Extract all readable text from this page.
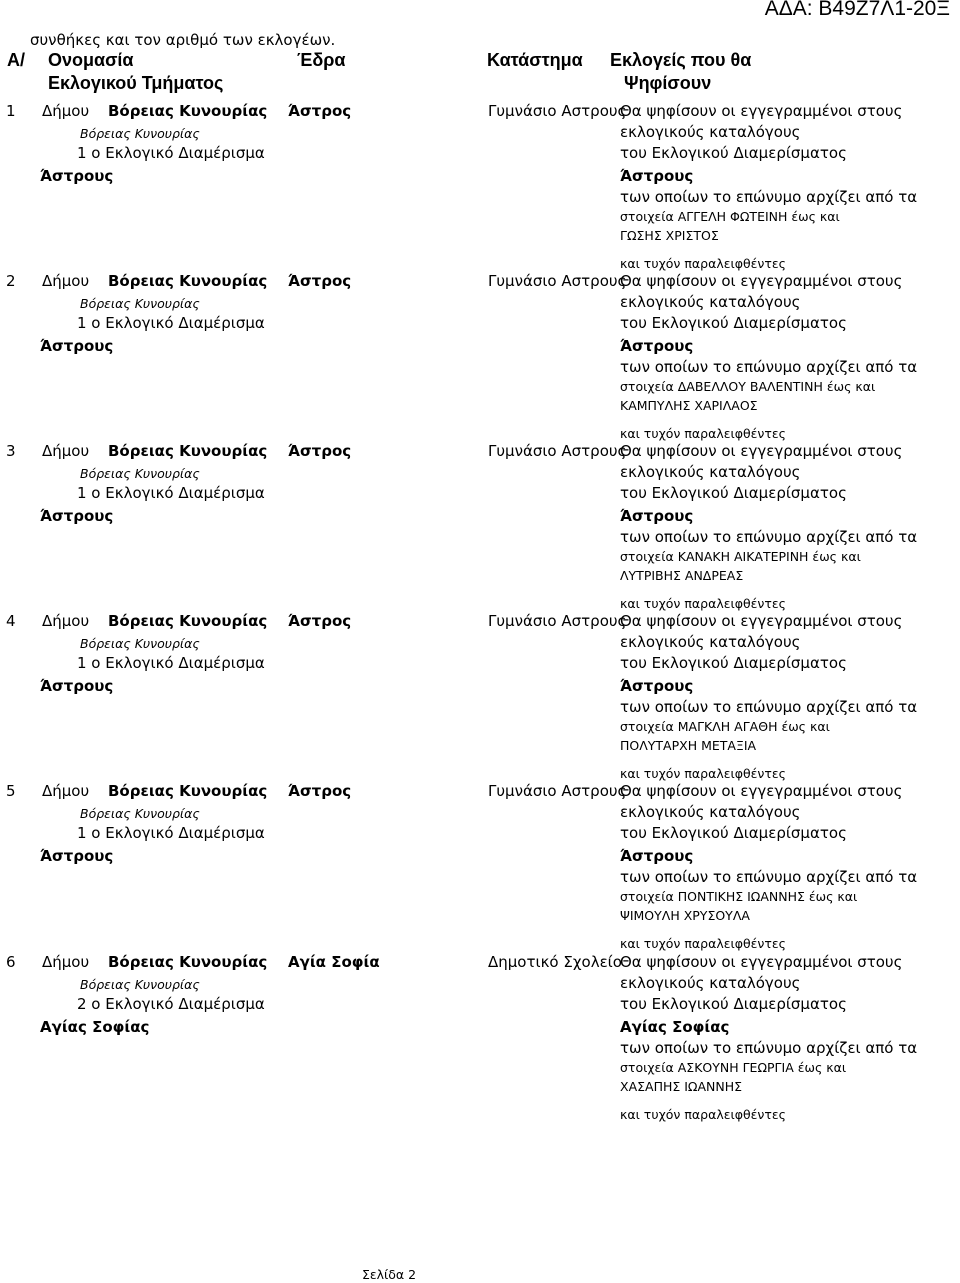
ΑΔΑ: Β49Ζ7Λ1-20Ξ
συνθήκες και τον αριθμό των εκλογέων.
Α/ Ονομασία
Εκλογικού Τμήματος
Έδρα	Κατάστημα Εκλογείς που θα
Ψηφίσουν
1 Δήμου Βόρειας Κυνουρίας Άστρος
Βόρειας Κυνουρίας
1 ο Εκλογικό Διαμέρισμα
Άστρους
Γυμνάσιο Αστρους
Θα ψηφίσουν οι εγγεγραμμένοι στους
εκλογικούς καταλόγους
του Εκλογικού Διαμερίσματος
Άστρους
των οποίων το επώνυμο αρχίζει από τα
στοιχεία ΑΓΓΕΛΗ ΦΩΤΕΙΝΗ έως και
ΓΩΣΗΣ ΧΡΙΣΤΟΣ
και τυχόν παραλειφθέντες
2 Δήμου Βόρειας Κυνουρίας Άστρος
Βόρειας Κυνουρίας
1 ο Εκλογικό Διαμέρισμα
Άστρους
Γυμνάσιο Αστρους
Θα ψηφίσουν οι εγγεγραμμένοι στους
εκλογικούς καταλόγους
του Εκλογικού Διαμερίσματος
Άστρους
των οποίων το επώνυμο αρχίζει από τα
στοιχεία ΔΑΒΕΛΛΟΥ ΒΑΛΕΝΤΙΝΗ έως και
ΚΑΜΠΥΛΗΣ ΧΑΡΙΛΑΟΣ
και τυχόν παραλειφθέντες
3 Δήμου Βόρειας Κυνουρίας Άστρος
Βόρειας Κυνουρίας
1 ο Εκλογικό Διαμέρισμα
Άστρους
Γυμνάσιο Αστρους
Θα ψηφίσουν οι εγγεγραμμένοι στους
εκλογικούς καταλόγους
του Εκλογικού Διαμερίσματος
Άστρους
των οποίων το επώνυμο αρχίζει από τα
στοιχεία ΚΑΝΑΚΗ ΑΙΚΑΤΕΡΙΝΗ έως και
ΛΥΤΡΙΒΗΣ ΑΝΔΡΕΑΣ
και τυχόν παραλειφθέντες
4 Δήμου Βόρειας Κυνουρίας Άστρος
Βόρειας Κυνουρίας
1 ο Εκλογικό Διαμέρισμα
Άστρους
Γυμνάσιο Αστρους
Θα ψηφίσουν οι εγγεγραμμένοι στους
εκλογικούς καταλόγους
του Εκλογικού Διαμερίσματος
Άστρους
των οποίων το επώνυμο αρχίζει από τα
στοιχεία ΜΑΓΚΛΗ ΑΓΑΘΗ έως και
ΠΟΛΥΤΑΡΧΗ ΜΕΤΑΞΙΑ
και τυχόν παραλειφθέντες
5 Δήμου Βόρειας Κυνουρίας Άστρος
Βόρειας Κυνουρίας
1 ο Εκλογικό Διαμέρισμα
Άστρους
Γυμνάσιο Αστρους
Θα ψηφίσουν οι εγγεγραμμένοι στους
εκλογικούς καταλόγους
του Εκλογικού Διαμερίσματος
Άστρους
των οποίων το επώνυμο αρχίζει από τα
στοιχεία ΠΟΝΤΙΚΗΣ ΙΩΑΝΝΗΣ έως και
ΨΙΜΟΥΛΗ ΧΡΥΣΟΥΛΑ
και τυχόν παραλειφθέντες
6 Δήμου Βόρειας Κυνουρίας Αγία Σοφία
Βόρειας Κυνουρίας
2 ο Εκλογικό Διαμέρισμα
Αγίας Σοφίας
Δημοτικό Σχολείο
Θα ψηφίσουν οι εγγεγραμμένοι στους
εκλογικούς καταλόγους
του Εκλογικού Διαμερίσματος
Αγίας Σοφίας
των οποίων το επώνυμο αρχίζει από τα
στοιχεία ΑΣΚΟΥΝΗ ΓΕΩΡΓΙΑ έως και
ΧΑΣΑΠΗΣ ΙΩΑΝΝΗΣ
και τυχόν παραλειφθέντες
Σελίδα 2
